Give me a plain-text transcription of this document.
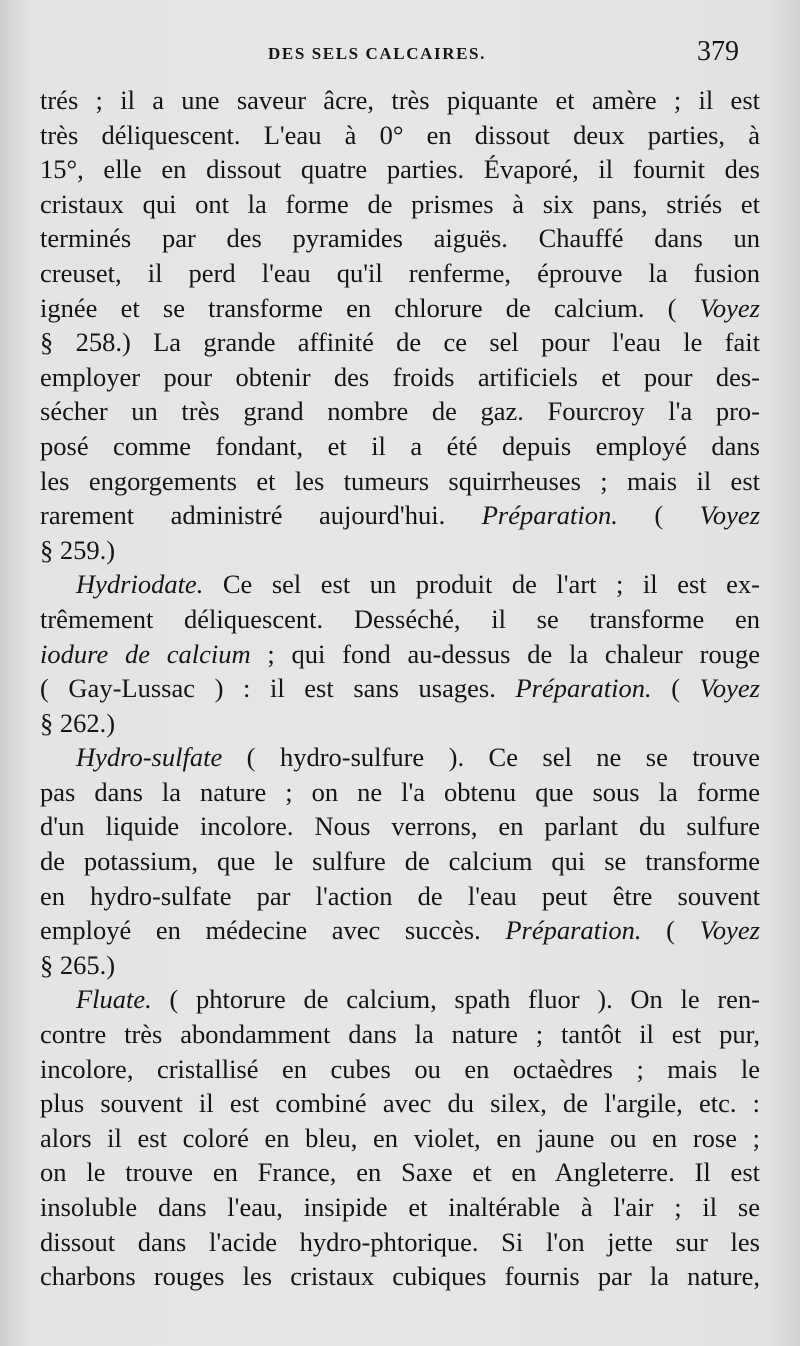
DES SELS CALCAIRES.	379
trés ; il a une saveur âcre, très piquante et amère ; il est
très déliquescent. L'eau à 0° en dissout deux parties, à
15°, elle en dissout quatre parties. Évaporé, il fournit des
cristaux qui ont la forme de prismes à six pans, striés et
terminés par des pyramides aiguës. Chauffé dans un
creuset, il perd l'eau qu'il renferme, éprouve la fusion
ignée et se transforme en chlorure de calcium. ( Voyez
§ 258.) La grande affinité de ce sel pour l'eau le fait
employer pour obtenir des froids artificiels et pour des-
sécher un très grand nombre de gaz. Fourcroy l'a pro-
posé comme fondant, et il a été depuis employé dans
les engorgements et les tumeurs squirrheuses ; mais il est
rarement administré aujourd'hui. Préparation. ( Voyez
§ 259.)
Hydriodate. Ce sel est un produit de l'art ; il est ex-
trêmement déliquescent. Desséché, il se transforme en
iodure de calcium ; qui fond au-dessus de la chaleur rouge
( Gay-Lussac ) : il est sans usages. Préparation. ( Voyez
§ 262.)
Hydro-sulfate ( hydro-sulfure ). Ce sel ne se trouve
pas dans la nature ; on ne l'a obtenu que sous la forme
d'un liquide incolore. Nous verrons, en parlant du sulfure
de potassium, que le sulfure de calcium qui se transforme
en hydro-sulfate par l'action de l'eau peut être souvent
employé en médecine avec succès. Préparation. ( Voyez
§ 265.)
Fluate. ( phtorure de calcium, spath fluor ). On le ren-
contre très abondamment dans la nature ; tantôt il est pur,
incolore, cristallisé en cubes ou en octaèdres ; mais le
plus souvent il est combiné avec du silex, de l'argile, etc. :
alors il est coloré en bleu, en violet, en jaune ou en rose ;
on le trouve en France, en Saxe et en Angleterre. Il est
insoluble dans l'eau, insipide et inaltérable à l'air ; il se
dissout dans l'acide hydro-phtorique. Si l'on jette sur les
charbons rouges les cristaux cubiques fournis par la nature,
